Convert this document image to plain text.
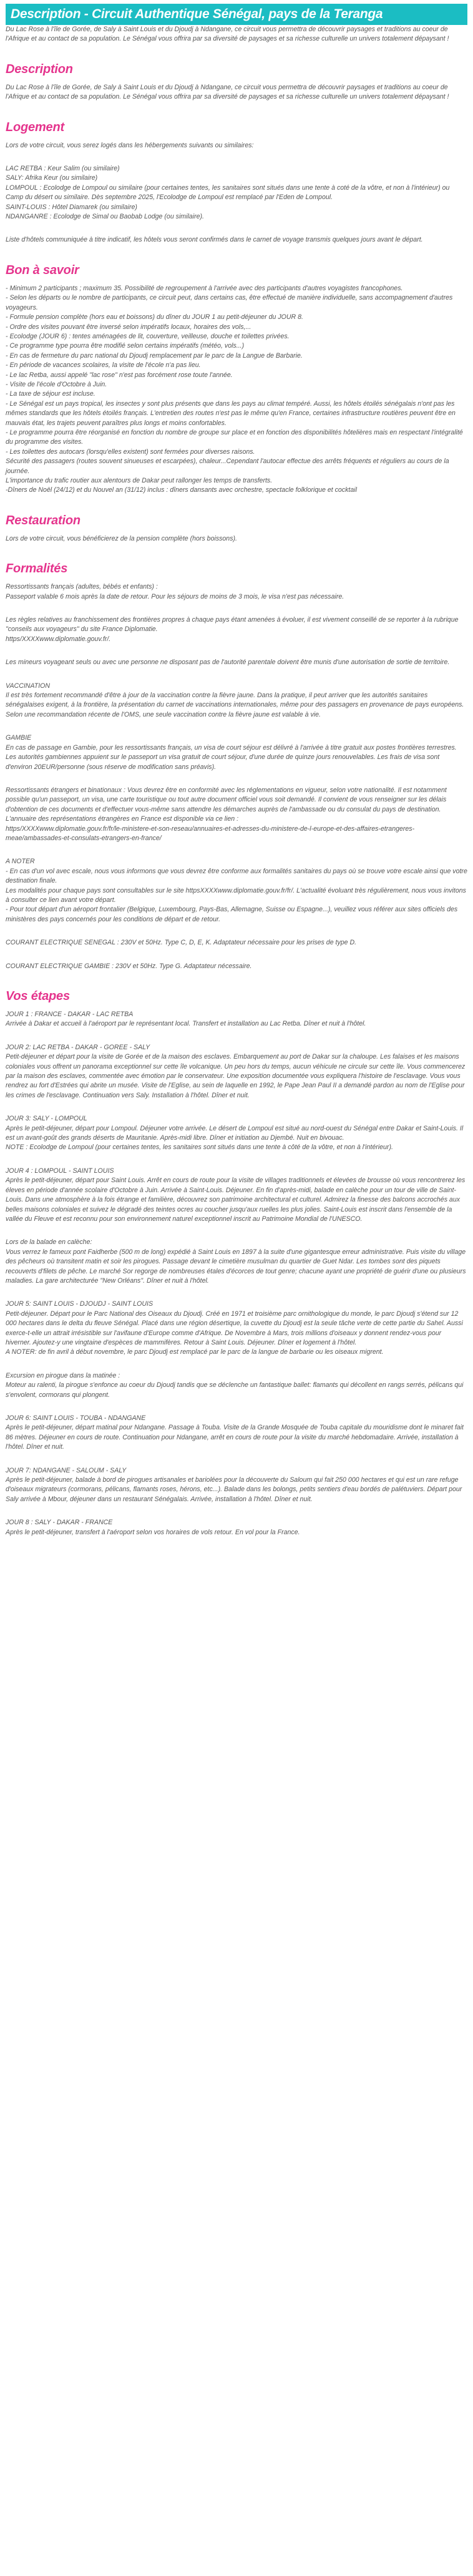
Description - Circuit Authentique Sénégal, pays de la Teranga

Du Lac Rose à l'île de Gorée, de Saly à Saint Louis et du Djoudj à Ndangane, ce circuit vous permettra de découvrir paysages et traditions au coeur de l'Afrique et au contact de sa population. Le Sénégal vous offrira par sa diversité de paysages et sa richesse culturelle un univers totalement dépaysant !

Description

Du Lac Rose à l'île de Gorée, de Saly à Saint Louis et du Djoudj à Ndangane, ce circuit vous permettra de découvrir paysages et traditions au coeur de l'Afrique et au contact de sa population. Le Sénégal vous offrira par sa diversité de paysages et sa richesse culturelle un univers totalement dépaysant !

Logement
Lors de votre circuit, vous serez logés dans les hébergements suivants ou similaires:
LAC RETBA : Keur Salim (ou similaire)
SALY: Afrika Keur (ou similaire)
LOMPOUL : Ecolodge de Lompoul ou similaire (pour certaines tentes, les sanitaires sont situés dans une tente à coté de la vôtre, et non à l'intérieur) ou Camp du désert ou similaire. Dès septembre 2025, l'Ecolodge de Lompoul est remplacé par l'Eden de Lompoul.
SAINT-LOUIS : Hôtel Diamarek (ou similaire)
NDANGANRE : Ecolodge de Simal ou Baobab Lodge (ou similaire).
Liste d'hôtels communiquée à titre indicatif, les hôtels vous seront confirmés dans le carnet de voyage transmis quelques jours avant le départ.
Bon à savoir
- Minimum 2 participants ; maximum 35. Possibilité de regroupement à l'arrivée avec des participants d'autres voyagistes francophones.
- Selon les départs ou le nombre de participants, ce circuit peut, dans certains cas, être effectué de manière individuelle, sans accompagnement d'autres voyageurs.
- Formule pension complète (hors eau et boissons) du dîner du JOUR 1 au petit-déjeuner du JOUR 8.
- Ordre des visites pouvant être inversé selon impératifs locaux, horaires des vols,...
- Ecolodge (JOUR 6) : tentes aménagées de lit, couverture, veilleuse, douche et toilettes privées.
- Ce programme type pourra être modifié selon certains impératifs (météo, vols...)
- En cas de fermeture du parc national du Djoudj remplacement par le parc de la Langue de Barbarie.
- En période de vacances scolaires, la visite de l'école n'a pas lieu.
- Le lac Retba, aussi appelé "lac rose" n'est pas forcément rose toute l'année.
- Visite de l'école d'Octobre à Juin.
- La taxe de séjour est incluse.
- Le Sénégal est un pays tropical, les insectes y sont plus présents que dans les pays au climat tempéré. Aussi, les hôtels étoilés sénégalais n'ont pas les mêmes standards que les hôtels étoilés français. L'entretien des routes n'est pas le même qu'en France, certaines infrastructure routières peuvent être en mauvais état, les trajets peuvent paraîtres plus longs et moins confortables.
- Le programme pourra être réorganisé en fonction du nombre de groupe sur place et en fonction des disponibilités hôtelières mais en respectant l'intégralité du programme des visites.
- Les toilettes des autocars (lorsqu'elles existent) sont fermées pour diverses raisons.
Sécurité des passagers (routes souvent sinueuses et escarpées), chaleur...Cependant l'autocar effectue des arrêts fréquents et réguliers au cours de la journée.
L'importance du trafic routier aux alentours de Dakar peut rallonger les temps de transferts.
-Dîners de Noël (24/12) et du Nouvel an (31/12) inclus : dîners dansants avec orchestre, spectacle folklorique et cocktail
Restauration

Lors de votre circuit, vous bénéficierez de la pension complète (hors boissons).

Formalités
Ressortissants français (adultes, bébés et enfants) :
Passeport valable 6 mois après la date de retour. Pour les séjours de moins de 3 mois, le visa n'est pas nécessaire.
Les règles relatives au franchissement des frontières propres à chaque pays étant amenées à évoluer, il est vivement conseillé de se reporter à la rubrique "conseils aux voyageurs" du site France Diplomatie.
https/XXXXwww.diplomatie.gouv.fr/.
Les mineurs voyageant seuls ou avec une personne ne disposant pas de l'autorité parentale doivent être munis d'une autorisation de sortie de territoire.
VACCINATION
Il est très fortement recommandé d'être à jour de la vaccination contre la fièvre jaune. Dans la pratique, il peut arriver que les autorités sanitaires sénégalaises exigent, à la frontière, la présentation du carnet de vaccinations internationales, même pour des passagers en provenance de pays européens. Selon une recommandation récente de l'OMS, une seule vaccination contre la fièvre jaune est valable à vie.
GAMBIE
En cas de passage en Gambie, pour les ressortissants français, un visa de court séjour est délivré à l'arrivée à titre gratuit aux postes frontières terrestres.
Les autorités gambiennes appuient sur le passeport un visa gratuit de court séjour, d'une durée de quinze jours renouvelables. Les frais de visa sont d'environ 20EUR/personne (sous réserve de modification sans préavis).
Ressortissants étrangers et binationaux : Vous devrez être en conformité avec les réglementations en vigueur, selon votre nationalité. Il est notamment possible qu'un passeport, un visa, une carte touristique ou tout autre document officiel vous soit demandé. Il convient de vous renseigner sur les délais d'obtention de ces documents et d'effectuer vous-même sans attendre les démarches auprès de l'ambassade ou du consulat du pays de destination.
L'annuaire des représentations étrangères en France est disponible via ce lien :
https/XXXXwww.diplomatie.gouv.fr/fr/le-ministere-et-son-reseau/annuaires-et-adresses-du-ministere-de-l-europe-et-des-affaires-etrangeres-meae/ambassades-et-consulats-etrangers-en-france/
A NOTER
- En cas d'un vol avec escale, nous vous informons que vous devrez être conforme aux formalités sanitaires du pays où se trouve votre escale ainsi que votre destination finale.
Les modalités pour chaque pays sont consultables sur le site httpsXXXXwww.diplomatie.gouv.fr/fr/. L'actualité évoluant très régulièrement, nous vous invitons à consulter ce lien avant votre départ.
- Pour tout départ d'un aéroport frontalier (Belgique, Luxembourg, Pays-Bas, Allemagne, Suisse ou Espagne...), veuillez vous référer aux sites officiels des ministères des pays concernés pour les conditions de départ et de retour.
COURANT ELECTRIQUE SENEGAL : 230V et 50Hz. Type C, D, E, K. Adaptateur nécessaire pour les prises de type D.
COURANT ELECTRIQUE GAMBIE : 230V et 50Hz. Type G. Adaptateur nécessaire.
Vos étapes
JOUR 1 : FRANCE - DAKAR - LAC RETBA
Arrivée à Dakar et accueil à l'aéroport par le représentant local. Transfert et installation au Lac Retba. Dîner et nuit à l'hôtel.
JOUR 2: LAC RETBA - DAKAR - GOREE - SALY
Petit-déjeuner et départ pour la visite de Gorée et de la maison des esclaves. Embarquement au port de Dakar sur la chaloupe. Les falaises et les maisons coloniales vous offrent un panorama exceptionnel sur cette île volcanique. Un peu hors du temps, aucun véhicule ne circule sur cette île. Vous commencerez par la maison des esclaves, commentée avec émotion par le conservateur. Une exposition documentée vous expliquera l'histoire de l'esclavage. Vous vous rendrez au fort d'Estrées qui abrite un musée. Visite de l'Eglise, au sein de laquelle en 1992, le Pape Jean Paul II a demandé pardon au nom de l'Eglise pour les crimes de l'esclavage. Continuation vers Saly. Installation à l'hôtel. Dîner et nuit.
JOUR 3: SALY - LOMPOUL
Après le petit-déjeuner, départ pour Lompoul. Déjeuner votre arrivée. Le désert de Lompoul est situé au nord-ouest du Sénégal entre Dakar et Saint-Louis. Il est un avant-goût des grands déserts de Mauritanie. Après-midi libre. Dîner et initiation au Djembé. Nuit en bivouac.
NOTE : Ecolodge de Lompoul (pour certaines tentes, les sanitaires sont situés dans une tente à côté de la vôtre, et non à l'intérieur).
JOUR 4 : LOMPOUL - SAINT LOUIS
Après le petit-déjeuner, départ pour Saint Louis. Arrêt en cours de route pour la visite de villages traditionnels et élevées de brousse où vous rencontrerez les éleves en période d'année scolaire d'Octobre à Juin. Arrivée à Saint-Louis. Déjeuner. En fin d'après-midi, balade en calèche pour un tour de ville de Saint-Louis. Dans une atmosphère à la fois étrange et familière, découvrez son patrimoine architectural et culturel. Admirez la finesse des balcons accrochés aux belles maisons coloniales et suivez le dégradé des teintes ocres au coucher jusqu'aux ruelles les plus jolies. Saint-Louis est inscrit dans l'ensemble de la vallée du Fleuve et est reconnu pour son environnement naturel exceptionnel inscrit au Patrimoine Mondial de l'UNESCO.
Lors de la balade en calèche:
Vous verrez le fameux pont Faidherbe (500 m de long) expédié à Saint Louis en 1897 à la suite d'une gigantesque erreur administrative. Puis visite du village des pêcheurs où transitent matin et soir les pirogues. Passage devant le cimetière musulman du quartier de Guet Ndar. Les tombes sont des piquets recouverts d'filets de pêche. Le marché Sor regorge de nombreuses étales d'écorces de tout genre; chacune ayant une propriété de guérir d'une ou plusieurs maladies. La gare architecturée "New Orléans". Dîner et nuit à l'hôtel.
JOUR 5: SAINT LOUIS - DJOUDJ - SAINT LOUIS
Petit-déjeuner. Départ pour le Parc National des Oiseaux du Djoudj. Créé en 1971 et troisième parc ornithologique du monde, le parc Djoudj s'étend sur 12 000 hectares dans le delta du fleuve Sénégal. Placé dans une région désertique, la cuvette du Djoudj est la seule tâche verte de cette partie du Sahel. Aussi exerce-t-elle un attrait irrésistible sur l'avifaune d'Europe comme d'Afrique. De Novembre à Mars, trois millions d'oiseaux y donnent rendez-vous pour hiverner. Ajoutez-y une vingtaine d'espèces de mammifères. Retour à Saint Louis. Déjeuner. Dîner et logement à l'hôtel.
A NOTER: de fin avril à début novembre, le parc Djoudj est remplacé par le parc de la langue de barbarie ou les oiseaux migrent.
Excursion en pirogue dans la matinée :
Moteur au ralenti, la pirogue s'enfonce au coeur du Djoudj tandis que se déclenche un fantastique ballet: flamants qui décollent en rangs serrés, pélicans qui s'envolent, cormorans qui plongent.
JOUR 6: SAINT LOUIS - TOUBA - NDANGANE
Après le petit-déjeuner, départ matinal pour Ndangane. Passage à Touba. Visite de la Grande Mosquée de Touba capitale du mouridisme dont le minaret fait 86 mètres. Déjeuner en cours de route. Continuation pour Ndangane, arrêt en cours de route pour la visite du marché hebdomadaire. Arrivée, installation à l'hôtel. Dîner et nuit.
JOUR 7: NDANGANE - SALOUM - SALY
Après le petit-déjeuner, balade à bord de pirogues artisanales et bariolées pour la découverte du Saloum qui fait 250 000 hectares et qui est un rare refuge d'oiseaux migrateurs (cormorans, pélicans, flamants roses, hérons, etc...). Balade dans les bolongs, petits sentiers d'eau bordés de palétuviers. Départ pour Saly arrivée à Mbour, déjeuner dans un restaurant Sénégalais. Arrivée, installation à l'hôtel. Dîner et nuit.
JOUR 8 : SALY - DAKAR - FRANCE
Après le petit-déjeuner, transfert à l'aéroport selon vos horaires de vols retour. En vol pour la France.
